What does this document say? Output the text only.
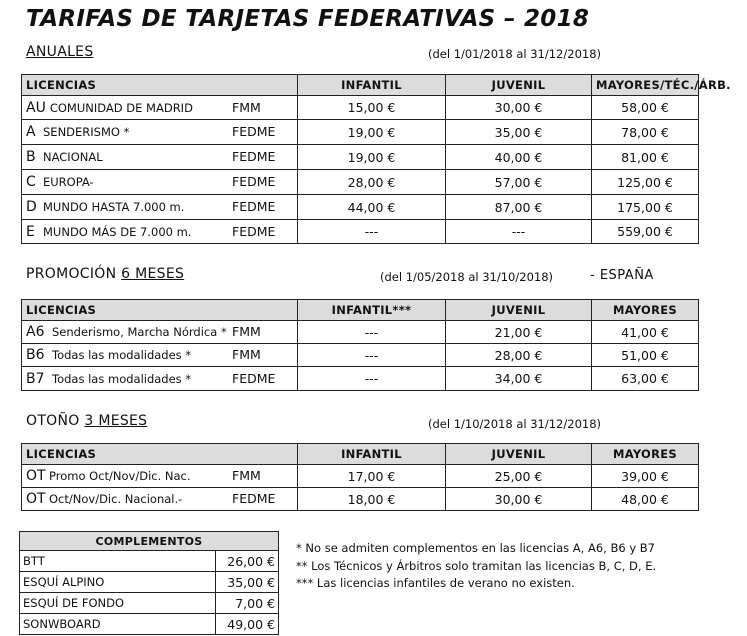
TARIFAS DE TARJETAS FEDERATIVAS – 2018
ANUALES	(del 1/01/2018 al 31/12/2018)
LICENCIAS	INFANTIL	JUVENIL	MAYORES/TÉC./ÁRB.
AU COMUNIDAD DE MADRID FMM	15,00 €	30,00 €	58,00 €
A SENDERISMO * FEDME	19,00 €	35,00 €	78,00 €
B NACIONAL FEDME	19,00 €	40,00 €	81,00 €
C EUROPA- FEDME	28,00 €	57,00 €	125,00 €
D MUNDO HASTA 7.000 m. FEDME	44,00 €	87,00 €	175,00 €
E MUNDO MÁS DE 7.000 m. FEDME	---	---	559,00 €
PROMOCIÓN 6 MESES	(del 1/05/2018 al 31/10/2018)	- ESPAÑA
LICENCIAS	INFANTIL***	JUVENIL	MAYORES
A6 Senderismo, Marcha Nórdica * FMM	---	21,00 €	41,00 €
B6 Todas las modalidades * FMM	---	28,00 €	51,00 €
B7 Todas las modalidades * FEDME	---	34,00 €	63,00 €
OTOÑO 3 MESES	(del 1/10/2018 al 31/12/2018)
LICENCIAS	INFANTIL	JUVENIL	MAYORES
OT Promo Oct/Nov/Dic. Nac. FMM	17,00 €	25,00 €	39,00 €
OT Oct/Nov/Dic. Nacional.- FEDME	18,00 €	30,00 €	48,00 €
COMPLEMENTOS	
BTT	26,00 €
ESQUÍ ALPINO	35,00 €
ESQUÍ DE FONDO	7,00 €
SONWBOARD	49,00 €
* No se admiten complementos en las licencias A, A6, B6 y B7
** Los Técnicos y Árbitros solo tramitan las licencias B, C, D, E.
*** Las licencias infantiles de verano no existen.
